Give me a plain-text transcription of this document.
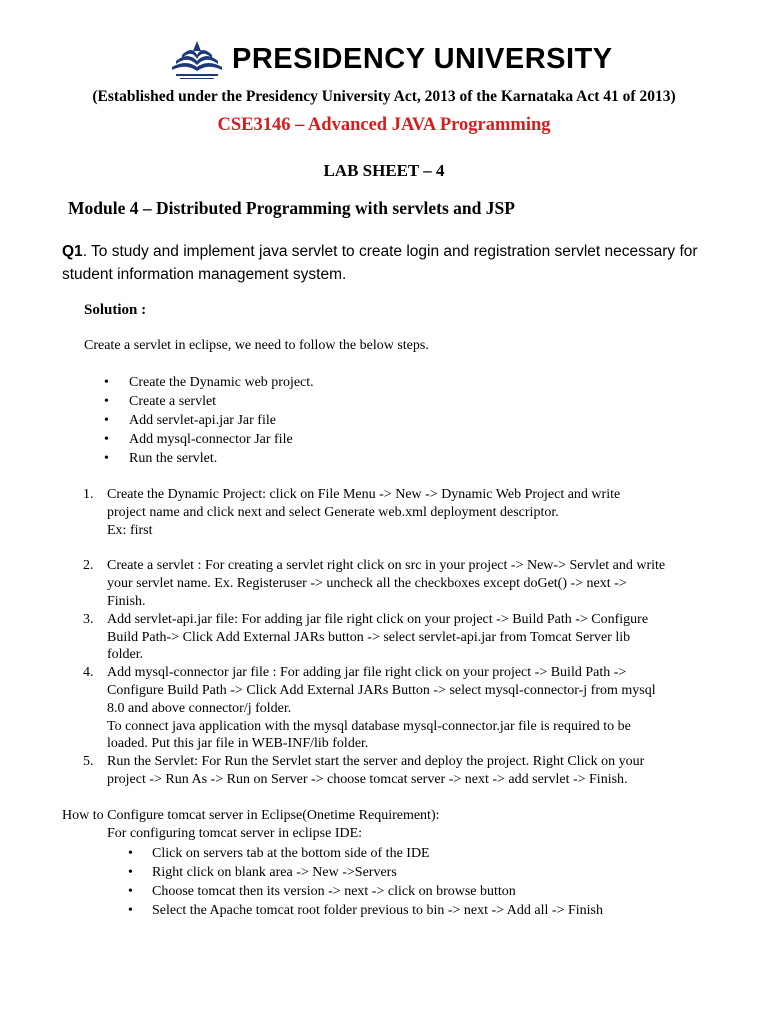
PRESIDENCY UNIVERSITY
(Established under the Presidency University Act, 2013 of the Karnataka Act 41 of 2013)
CSE3146 – Advanced JAVA Programming
LAB SHEET – 4
Module 4 – Distributed Programming with servlets and JSP
Q1. To study and implement java servlet to create login and registration servlet necessary for student information management system.
Solution :
Create a servlet in eclipse, we need to follow the below steps.
• Create the Dynamic web project.
• Create a servlet
• Add servlet-api.jar Jar file
• Add mysql-connector Jar file
• Run the servlet.
1. Create the Dynamic Project: click on File Menu -> New -> Dynamic Web Project and write
project name and click next and select Generate web.xml deployment descriptor.
Ex: first
2. Create a servlet : For creating a servlet right click on src in your project -> New-> Servlet and write
your servlet name. Ex. Registeruser -> uncheck all the checkboxes except doGet() -> next ->
Finish.
3. Add servlet-api.jar file: For adding jar file right click on your project -> Build Path -> Configure
Build Path-> Click Add External JARs button -> select servlet-api.jar from Tomcat Server lib
folder.
4. Add mysql-connector jar file : For adding jar file right click on your project -> Build Path ->
Configure Build Path -> Click Add External JARs Button -> select mysql-connector-j from mysql
8.0 and above connector/j folder.
To connect java application with the mysql database mysql-connector.jar file is required to be
loaded. Put this jar file in WEB-INF/lib folder.
5. Run the Servlet: For Run the Servlet start the server and deploy the project. Right Click on your
project -> Run As -> Run on Server -> choose tomcat server -> next -> add servlet -> Finish.
How to Configure tomcat server in Eclipse(Onetime Requirement):
For configuring tomcat server in eclipse IDE:
• Click on servers tab at the bottom side of the IDE
• Right click on blank area -> New ->Servers
• Choose tomcat then its version -> next -> click on browse button
• Select the Apache tomcat root folder previous to bin -> next -> Add all -> Finish
